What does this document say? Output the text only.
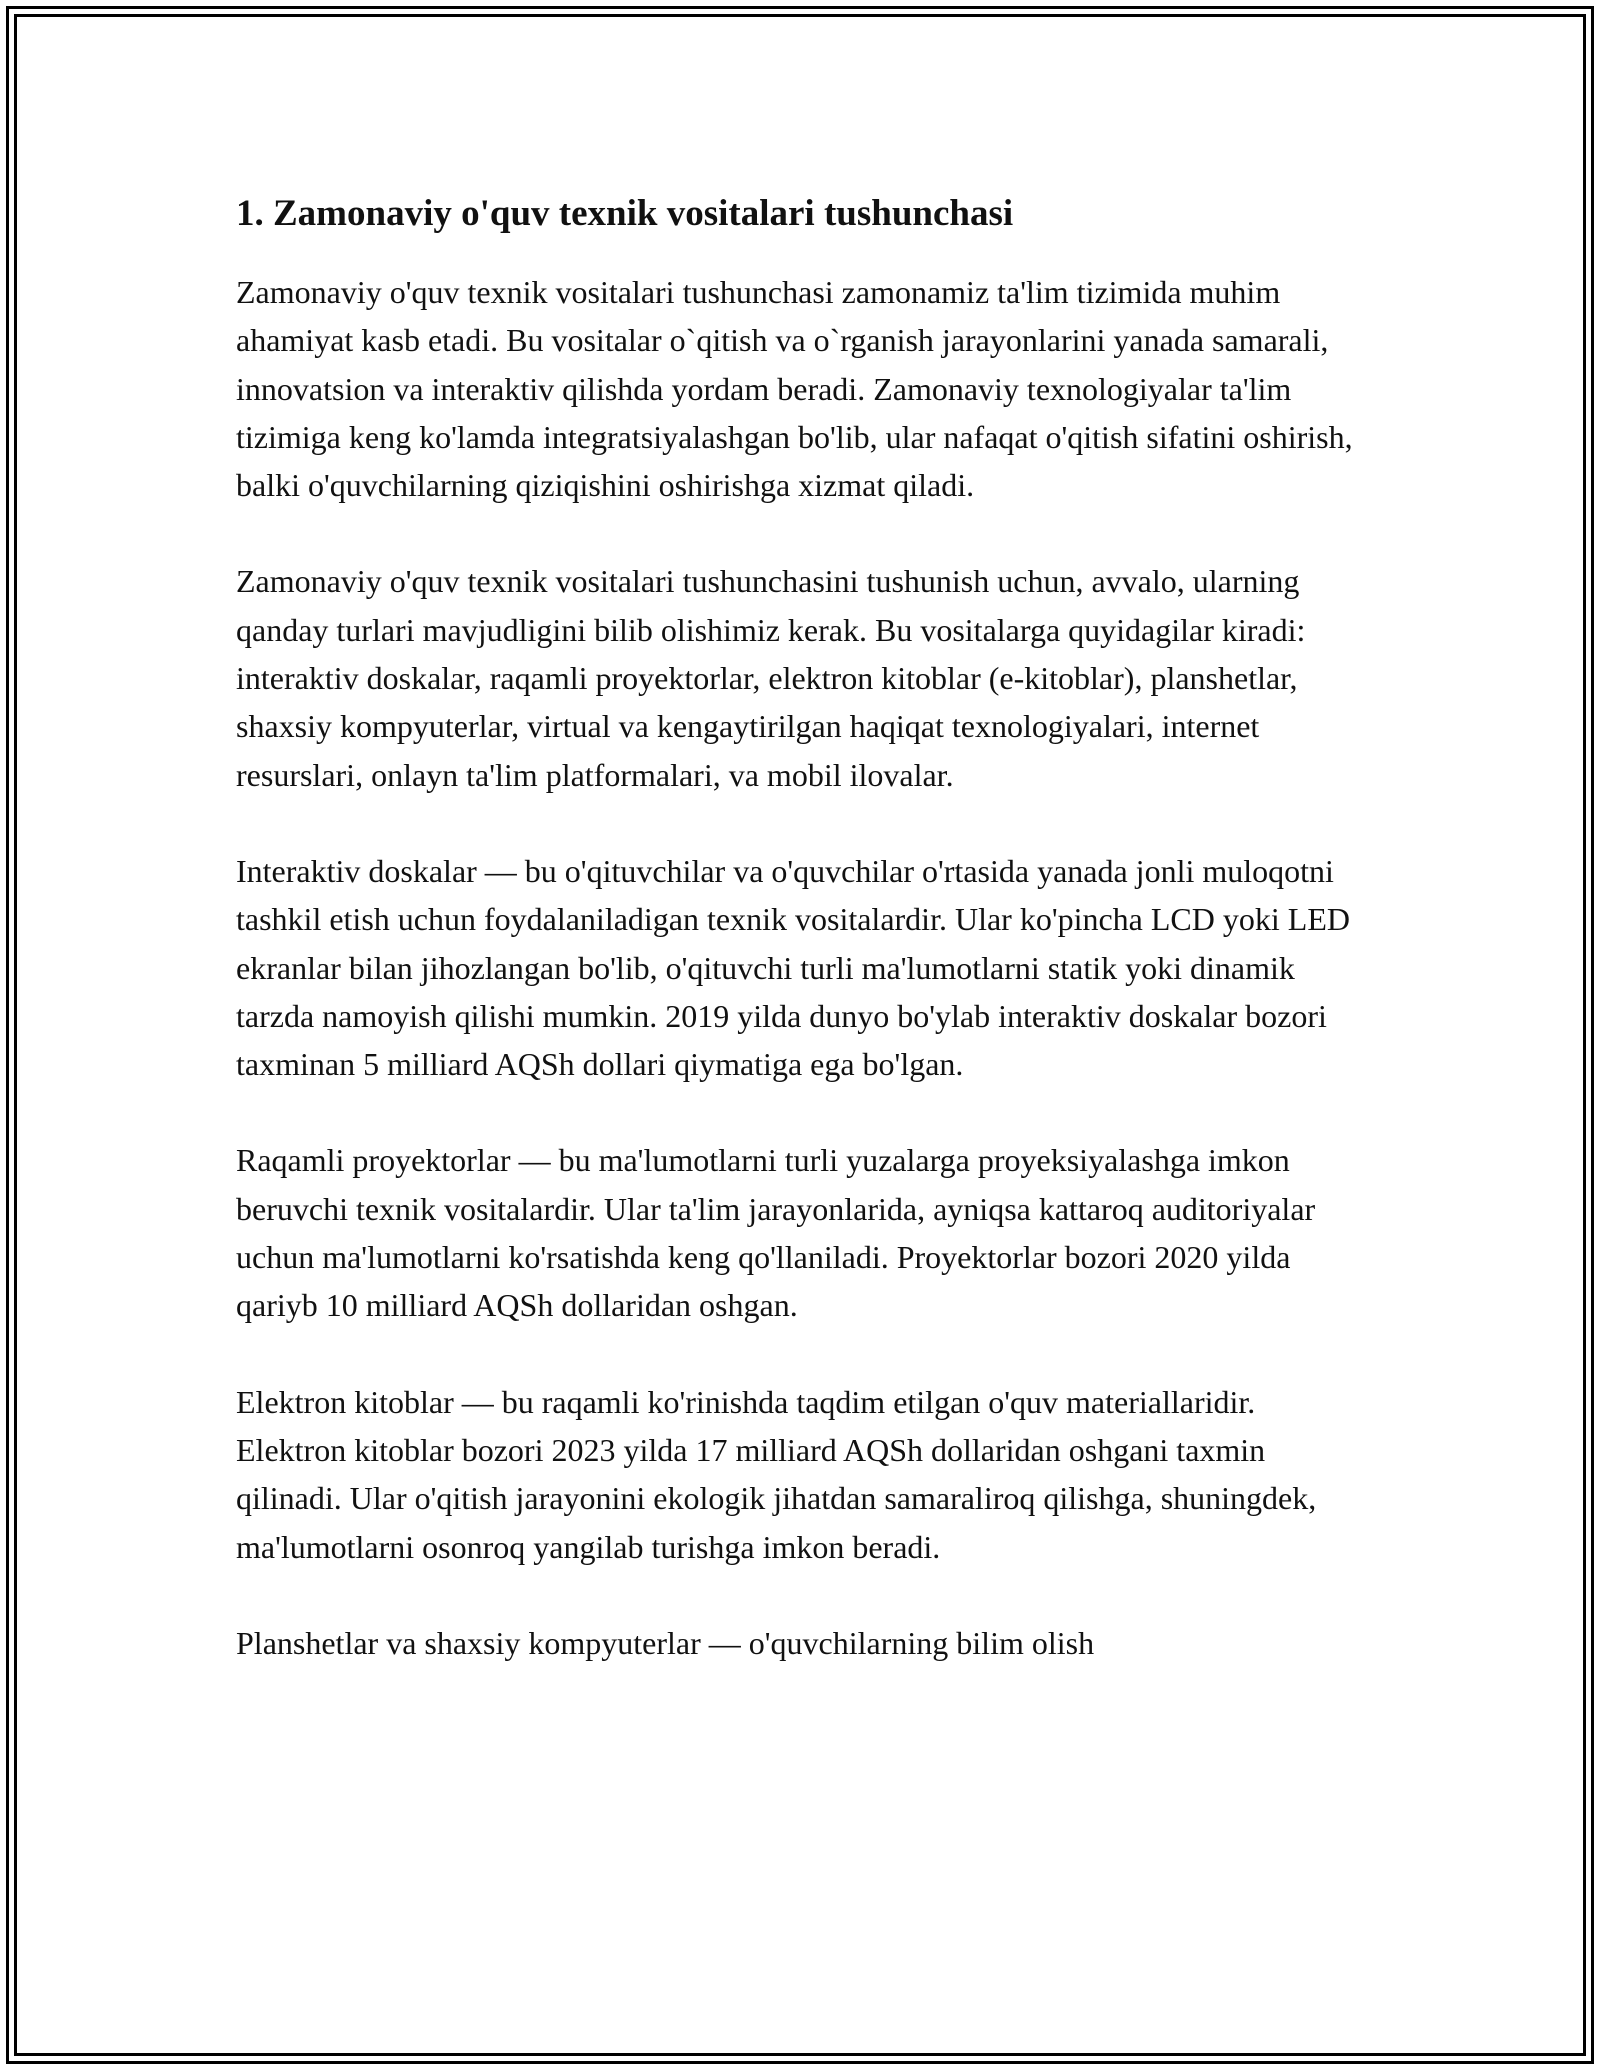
1. Zamonaviy o'quv texnik vositalari tushunchasi

Zamonaviy o'quv texnik vositalari tushunchasi zamonamiz ta'lim tizimida muhim ahamiyat kasb etadi. Bu vositalar o`qitish va o`rganish jarayonlarini yanada samarali, innovatsion va interaktiv qilishda yordam beradi. Zamonaviy texnologiyalar ta'lim tizimiga keng ko'lamda integratsiyalashgan bo'lib, ular nafaqat o'qitish sifatini oshirish, balki o'quvchilarning qiziqishini oshirishga xizmat qiladi.

Zamonaviy o'quv texnik vositalari tushunchasini tushunish uchun, avvalo, ularning qanday turlari mavjudligini bilib olishimiz kerak. Bu vositalarga quyidagilar kiradi: interaktiv doskalar, raqamli proyektorlar, elektron kitoblar (e-kitoblar), planshetlar, shaxsiy kompyuterlar, virtual va kengaytirilgan haqiqat texnologiyalari, internet resurslari, onlayn ta'lim platformalari, va mobil ilovalar.

Interaktiv doskalar — bu o'qituvchilar va o'quvchilar o'rtasida yanada jonli muloqotni tashkil etish uchun foydalaniladigan texnik vositalardir. Ular ko'pincha LCD yoki LED ekranlar bilan jihozlangan bo'lib, o'qituvchi turli ma'lumotlarni statik yoki dinamik tarzda namoyish qilishi mumkin. 2019 yilda dunyo bo'ylab interaktiv doskalar bozori taxminan 5 milliard AQSh dollari qiymatiga ega bo'lgan.

Raqamli proyektorlar — bu ma'lumotlarni turli yuzalarga proyeksiyalashga imkon beruvchi texnik vositalardir. Ular ta'lim jarayonlarida, ayniqsa kattaroq auditoriyalar uchun ma'lumotlarni ko'rsatishda keng qo'llaniladi. Proyektorlar bozori 2020 yilda qariyb 10 milliard AQSh dollaridan oshgan.

Elektron kitoblar — bu raqamli ko'rinishda taqdim etilgan o'quv materiallaridir. Elektron kitoblar bozori 2023 yilda 17 milliard AQSh dollaridan oshgani taxmin qilinadi. Ular o'qitish jarayonini ekologik jihatdan samaraliroq qilishga, shuningdek, ma'lumotlarni osonroq yangilab turishga imkon beradi.

Planshetlar va shaxsiy kompyuterlar — o'quvchilarning bilim olish
